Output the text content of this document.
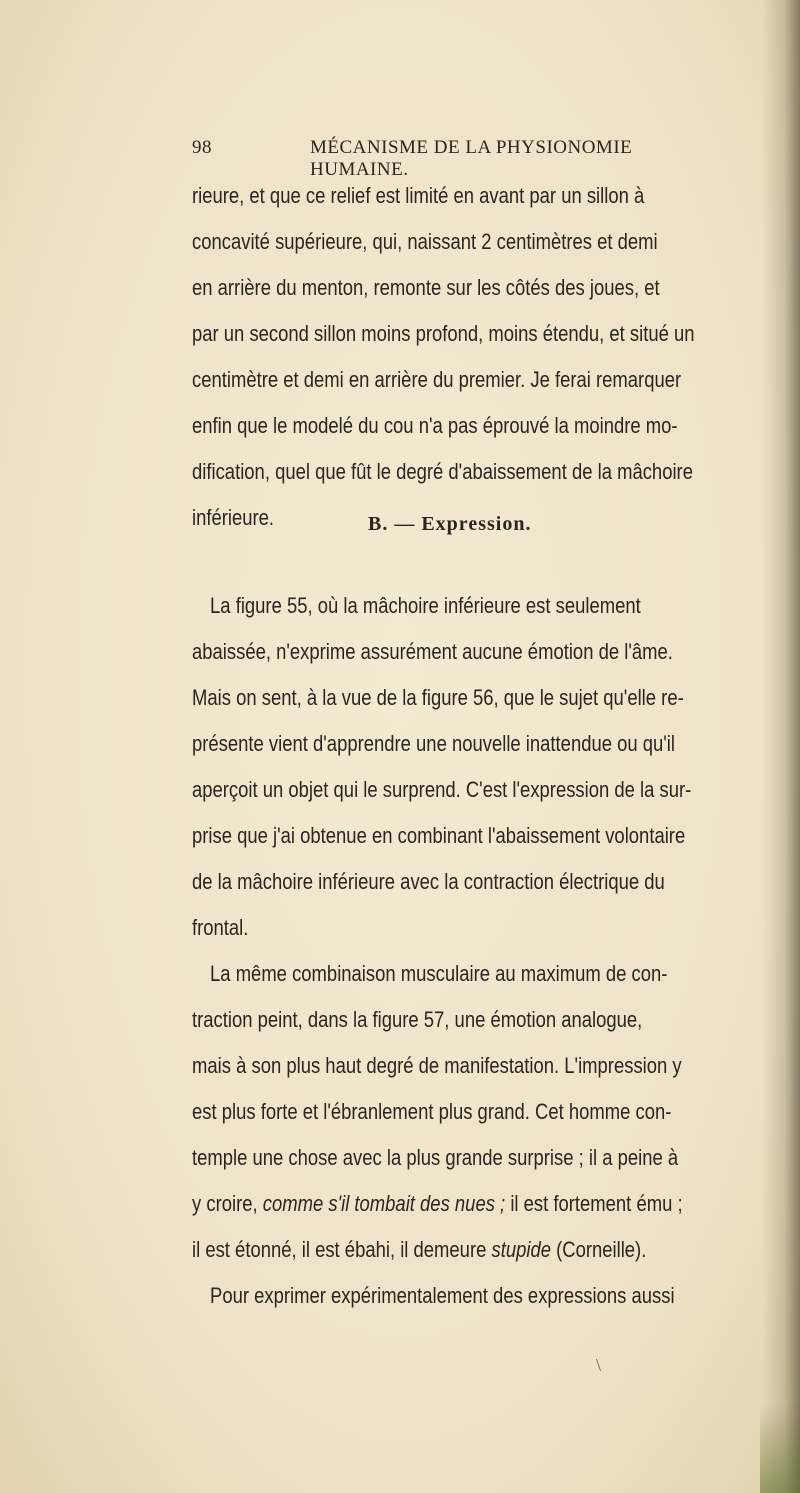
98	MÉCANISME DE LA PHYSIONOMIE HUMAINE.
rieure, et que ce relief est limité en avant par un sillon à
concavité supérieure, qui, naissant 2 centimètres et demi
en arrière du menton, remonte sur les côtés des joues, et
par un second sillon moins profond, moins étendu, et situé un
centimètre et demi en arrière du premier. Je ferai remarquer
enfin que le modelé du cou n'a pas éprouvé la moindre mo-
dification, quel que fût le degré d'abaissement de la mâchoire
inférieure.	B. — Expression.
La figure 55, où la mâchoire inférieure est seulement
abaissée, n'exprime assurément aucune émotion de l'âme.
Mais on sent, à la vue de la figure 56, que le sujet qu'elle re-
présente vient d'apprendre une nouvelle inattendue ou qu'il
aperçoit un objet qui le surprend. C'est l'expression de la sur-
prise que j'ai obtenue en combinant l'abaissement volontaire
de la mâchoire inférieure avec la contraction électrique du
frontal.
La même combinaison musculaire au maximum de con-
traction peint, dans la figure 57, une émotion analogue,
mais à son plus haut degré de manifestation. L'impression y
est plus forte et l'ébranlement plus grand. Cet homme con-
temple une chose avec la plus grande surprise ; il a peine à
y croire, comme s'il tombait des nues ; il est fortement ému ;
il est étonné, il est ébahi, il demeure stupide (Corneille).
Pour exprimer expérimentalement des expressions aussi
\
